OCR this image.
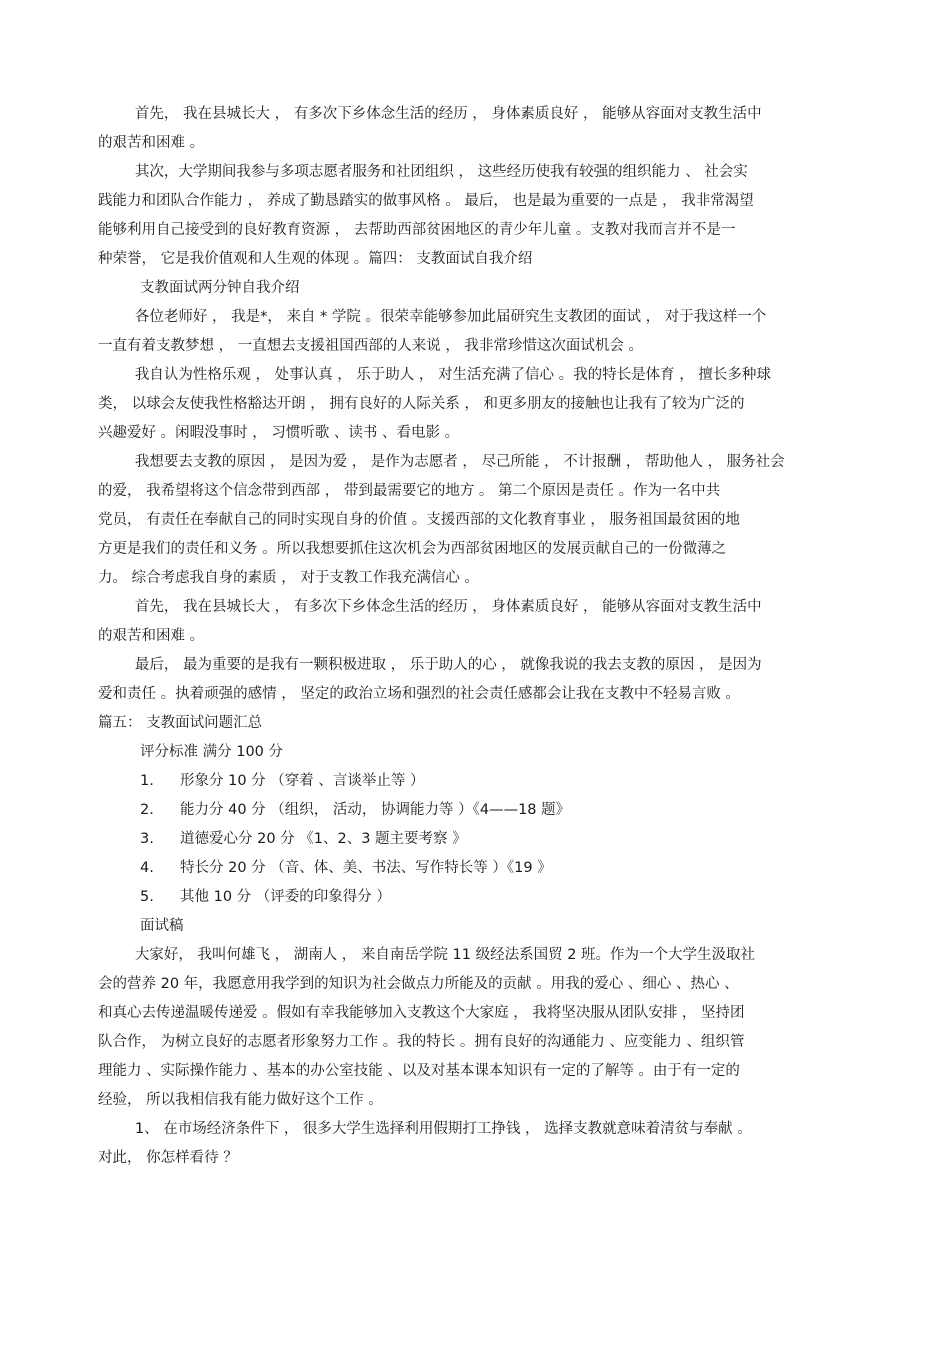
首先， 我在县城长大 ， 有多次下乡体念生活的经历 ， 身体素质良好 ， 能够从容面对支教生活中
的艰苦和困难 。

其次，大学期间我参与多项志愿者服务和社团组织 ， 这些经历使我有较强的组织能力 、 社会实
践能力和团队合作能力 ， 养成了勤恳踏实的做事风格 。 最后， 也是最为重要的一点是 ， 我非常渴望
能够利用自己接受到的良好教育资源 ， 去帮助西部贫困地区的青少年儿童 。支教对我而言并不是一
种荣誉， 它是我价值观和人生观的体现 。篇四： 支教面试自我介绍

支教面试两分钟自我介绍

各位老师好 ， 我是*， 来自 * 学院 。很荣幸能够参加此届研究生支教团的面试 ， 对于我这样一个
一直有着支教梦想 ， 一直想去支援祖国西部的人来说 ， 我非常珍惜这次面试机会 。

我自认为性格乐观 ， 处事认真 ， 乐于助人 ， 对生活充满了信心 。我的特长是体育 ， 擅长多种球
类， 以球会友使我性格豁达开朗 ， 拥有良好的人际关系 ， 和更多朋友的接触也让我有了较为广泛的
兴趣爱好 。闲暇没事时 ， 习惯听歌 、读书 、看电影 。

我想要去支教的原因 ， 是因为爱 ， 是作为志愿者 ， 尽己所能 ， 不计报酬 ， 帮助他人 ， 服务社会
的爱， 我希望将这个信念带到西部 ， 带到最需要它的地方 。 第二个原因是责任 。作为一名中共
党员， 有责任在奉献自己的同时实现自身的价值 。支援西部的文化教育事业 ， 服务祖国最贫困的地
方更是我们的责任和义务 。所以我想要抓住这次机会为西部贫困地区的发展贡献自己的一份微薄之
力。 综合考虑我自身的素质 ， 对于支教工作我充满信心 。

首先， 我在县城长大 ， 有多次下乡体念生活的经历 ， 身体素质良好 ， 能够从容面对支教生活中
的艰苦和困难 。

最后， 最为重要的是我有一颗积极进取 ， 乐于助人的心 ， 就像我说的我去支教的原因 ， 是因为
爱和责任 。执着顽强的感情 ， 坚定的政治立场和强烈的社会责任感都会让我在支教中不轻易言败 。
篇五： 支教面试问题汇总

评分标准 满分 100 分

1. 形象分 10 分 （穿着 、言谈举止等 ）

2. 能力分 40 分 （组织， 活动， 协调能力等 ）《4——18 题》

3. 道德爱心分 20 分 《1、2、3 题主要考察 》

4. 特长分 20 分 （音、体、美、书法、写作特长等 ）《19 》

5. 其他 10 分 （评委的印象得分 ）

面试稿

大家好， 我叫何雄飞 ， 湖南人 ， 来自南岳学院 11 级经法系国贸 2 班。作为一个大学生汲取社
会的营养 20 年，我愿意用我学到的知识为社会做点力所能及的贡献 。用我的爱心 、细心 、热心 、
和真心去传递温暖传递爱 。假如有幸我能够加入支教这个大家庭 ， 我将坚决服从团队安排 ， 坚持团
队合作， 为树立良好的志愿者形象努力工作 。我的特长 。拥有良好的沟通能力 、应变能力 、组织管
理能力 、实际操作能力 、基本的办公室技能 、以及对基本课本知识有一定的了解等 。由于有一定的
经验， 所以我相信我有能力做好这个工作 。

1、 在市场经济条件下 ， 很多大学生选择利用假期打工挣钱 ， 选择支教就意味着清贫与奉献 。
对此， 你怎样看待 ？
